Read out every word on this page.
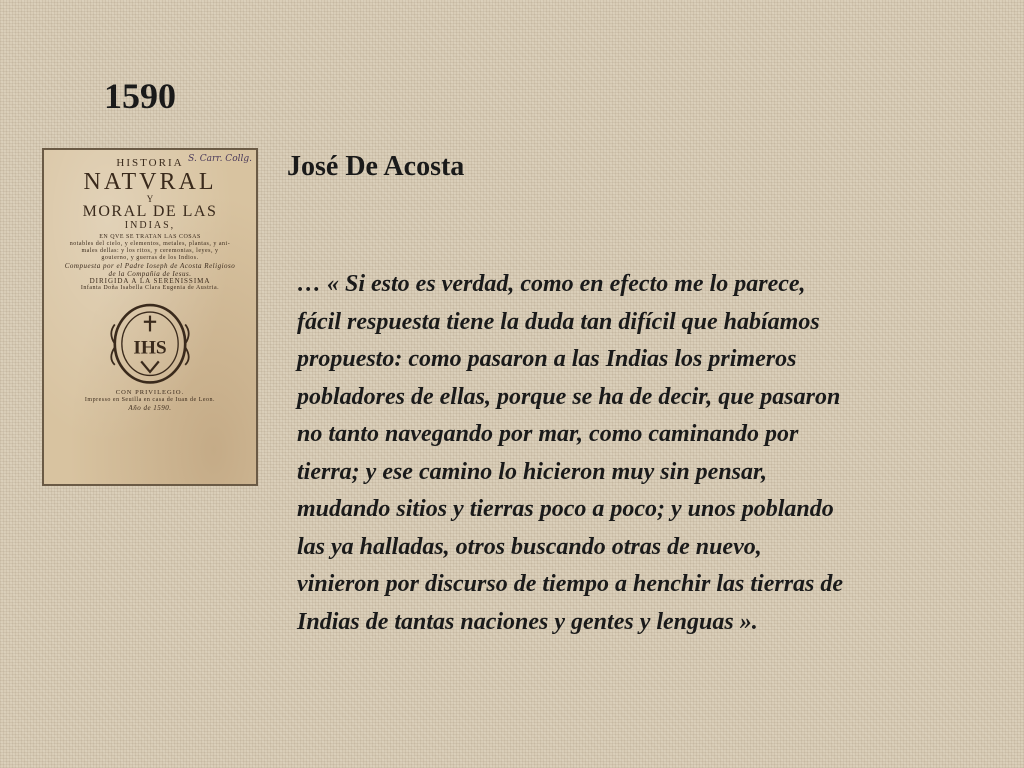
1590
S. Carr. Collg.
HISTORIA
NATVRAL
Y
MORAL DE LAS
INDIAS,
EN QVE SE TRATAN LAS COSAS
notables del cielo, y elementos, metales, plantas, y ani-
males dellas: y los ritos, y ceremonias, leyes, y
gouierno, y guerras de los Indios.
Compuesta por el Padre Ioseph de Acosta Religioso
de la Compañia de Iesus.
DIRIGIDA A LA SERENISSIMA
Infanta Doña Isabella Clara Eugenia de Austria.
IHS
CON PRIVILEGIO.
Impresso en Seuilla en casa de Iuan de Leon.
Año de 1590.
José De Acosta

… « Si esto es verdad, como en efecto me lo parece,
fácil respuesta tiene la duda tan difícil que habíamos
propuesto: como pasaron a las Indias los primeros
pobladores de ellas, porque se ha de decir, que pasaron
no tanto navegando por mar, como caminando por
tierra; y ese camino lo hicieron muy sin pensar,
mudando sitios y tierras poco a poco; y unos poblando
las ya halladas, otros buscando otras de nuevo,
vinieron por discurso de tiempo a henchir las tierras de
Indias de tantas naciones y gentes y lenguas ».
